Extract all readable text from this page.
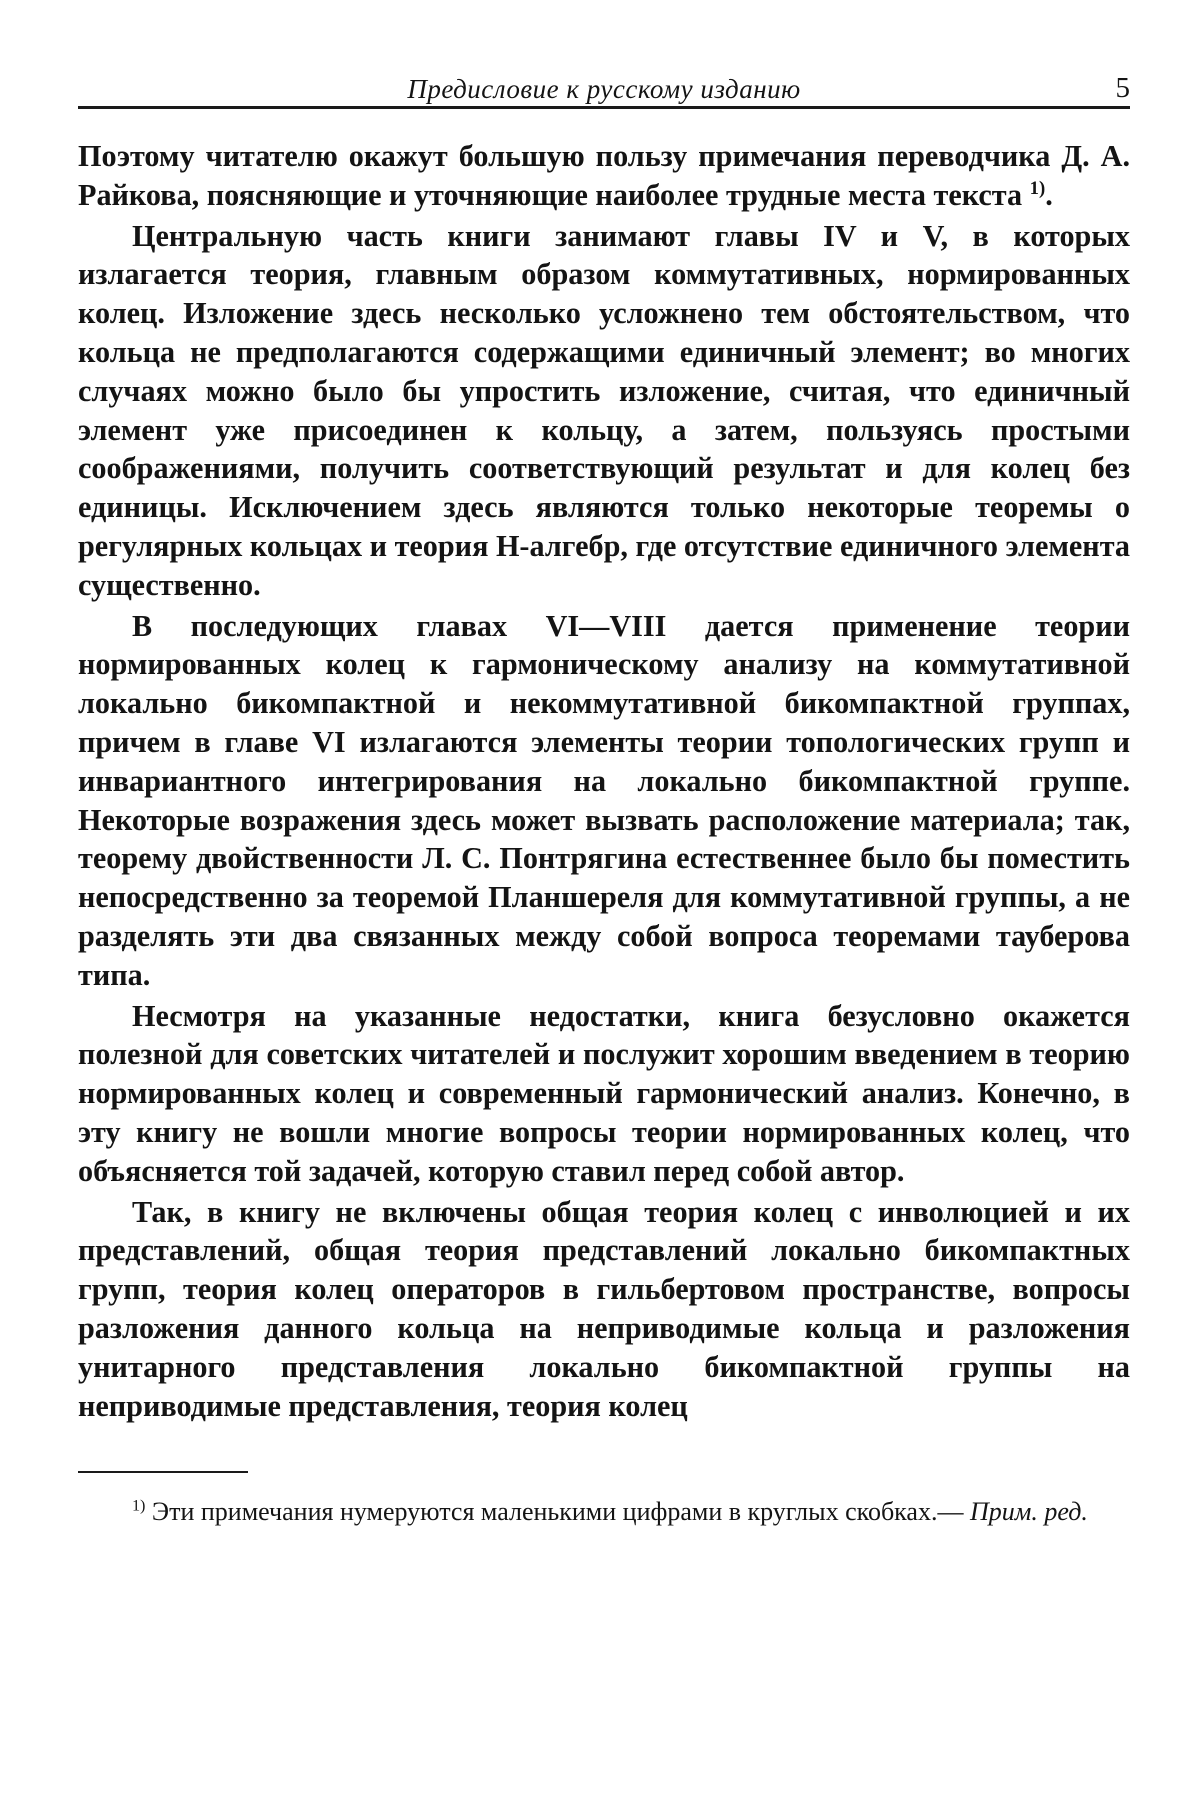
Предисловие к русскому изданию	5

Поэтому читателю окажут большую пользу примечания переводчика Д. А. Райкова, поясняющие и уточняющие наиболее трудные места текста $^{1)}$.

Центральную часть книги занимают главы IV и V, в которых излагается теория, главным образом коммутативных, нормированных колец. Изложение здесь несколько усложнено тем обстоятельством, что кольца не предполагаются содержащими единичный элемент; во многих случаях можно было бы упростить изложение, считая, что единичный элемент уже присоединен к кольцу, а затем, пользуясь простыми соображениями, получить соответствующий результат и для колец без единицы. Исключением здесь являются только некоторые теоремы о регулярных кольцах и теория Н-алгебр, где отсутствие единичного элемента существенно.

В последующих главах VI—VIII дается применение теории нормированных колец к гармоническому анализу на коммутативной локально бикомпактной и некоммутативной бикомпактной группах, причем в главе VI излагаются элементы теории топологических групп и инвариантного интегрирования на локально бикомпактной группе. Некоторые возражения здесь может вызвать расположение материала; так, теорему двойственности Л. С. Понтрягина естественнее было бы поместить непосредственно за теоремой Планшереля для коммутативной группы, а не разделять эти два связанных между собой вопроса теоремами тауберова типа.

Несмотря на указанные недостатки, книга безусловно окажется полезной для советских читателей и послужит хорошим введением в теорию нормированных колец и современный гармонический анализ. Конечно, в эту книгу не вошли многие вопросы теории нормированных колец, что объясняется той задачей, которую ставил перед собой автор.

Так, в книгу не включены общая теория колец с инволюцией и их представлений, общая теория представлений локально бикомпактных групп, теория колец операторов в гильбертовом пространстве, вопросы разложения данного кольца на неприводимые кольца и разложения унитарного представления локально бикомпактной группы на неприводимые представления, теория колец

$^{1)}$ Эти примечания нумеруются маленькими цифрами в круглых скобках.— Прим. ред.
